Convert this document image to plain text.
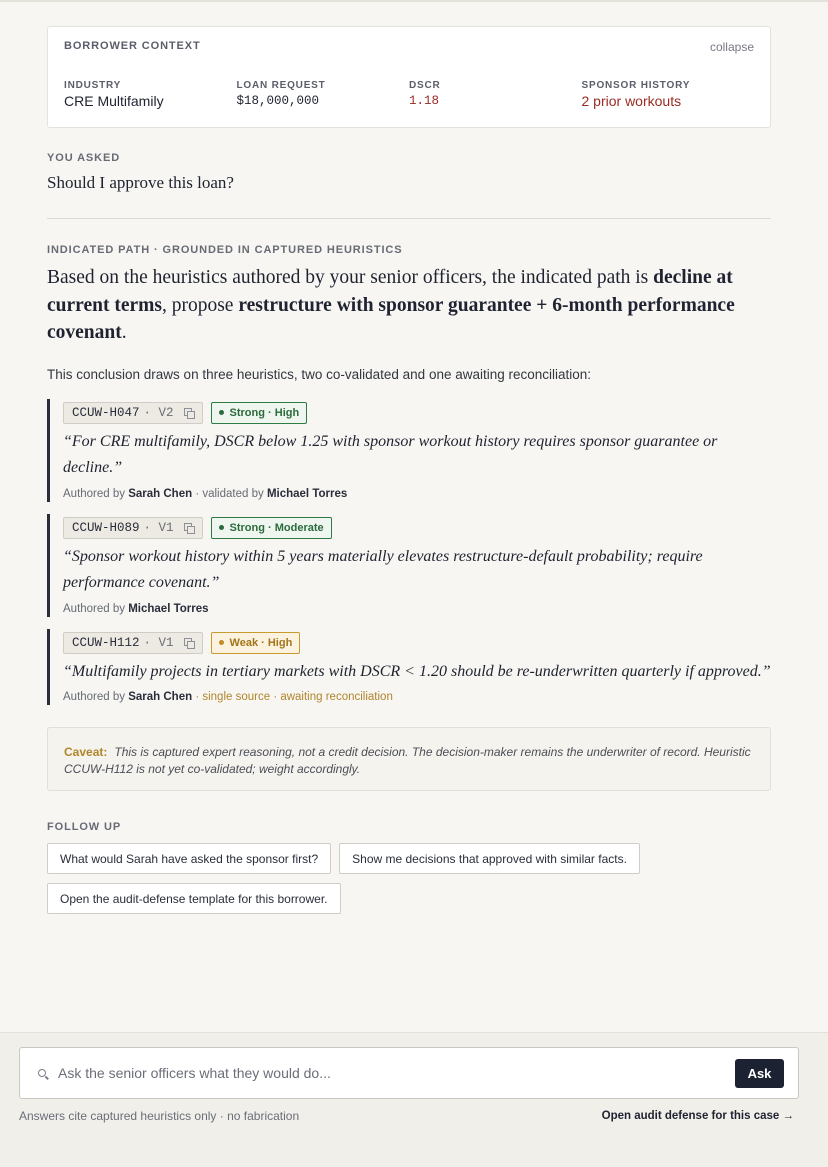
BORROWER CONTEXT	collapse
INDUSTRY
CRE Multifamily
LOAN REQUEST
$18,000,000
DSCR
1.18
SPONSOR HISTORY
2 prior workouts
YOU ASKED
Should I approve this loan?
INDICATED PATH · GROUNDED IN CAPTURED HEURISTICS

Based on the heuristics authored by your senior officers, the indicated path is decline at current terms, propose restructure with sponsor guarantee + 6-month performance covenant.

This conclusion draws on three heuristics, two co-validated and one awaiting reconciliation:

CCUW-H047 · V2	Strong · High

“For CRE multifamily, DSCR below 1.25 with sponsor workout history requires sponsor guarantee or decline.”

Authored by Sarah Chen · validated by Michael Torres
CCUW-H089 · V1	Strong · Moderate

“Sponsor workout history within 5 years materially elevates restructure-default probability; require performance covenant.”

Authored by Michael Torres
CCUW-H112 · V1	Weak · High

“Multifamily projects in tertiary markets with DSCR < 1.20 should be re-underwritten quarterly if approved.”

Authored by Sarah Chen · single source · awaiting reconciliation
Caveat: This is captured expert reasoning, not a credit decision. The decision-maker remains the underwriter of record. Heuristic CCUW-H112 is not yet co-validated; weight accordingly.
FOLLOW UP
What would Sarah have asked the sponsor first?	Show me decisions that approved with similar facts.
Open the audit-defense template for this borrower.
Ask the senior officers what they would do...
Ask
Answers cite captured heuristics only · no fabrication	Open audit defense for this case →
